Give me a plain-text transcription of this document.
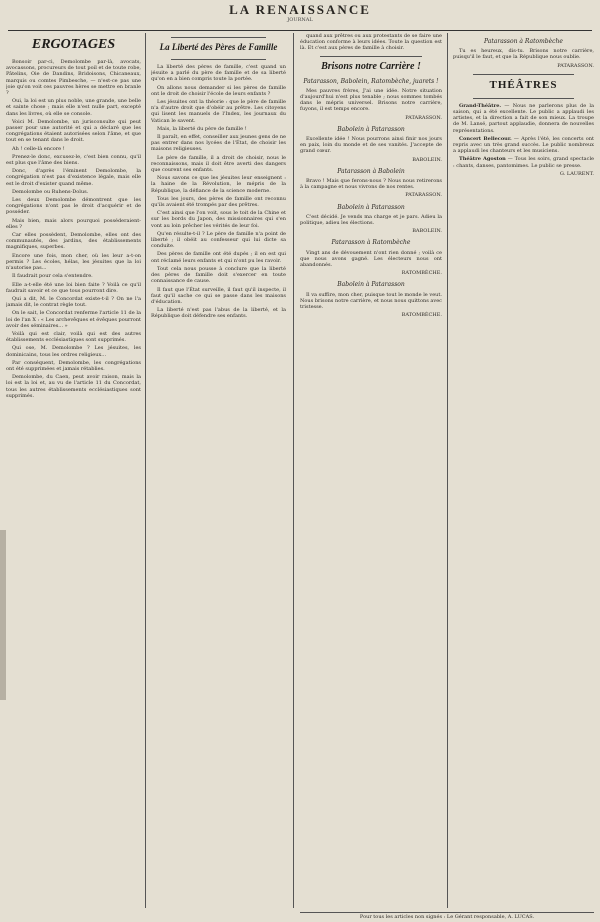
LA RENAISSANCE
JOURNAL
ERGOTAGES

Bonsoir par-ci, Demolombe par-là, avocats, avocassons, procureurs de tout poil et de toute robe, Pâtelins, Oie de Dandins, Bridoisons, Chicaneaux, marquis ou comtes Pimbesche, — n'est-ce pas une joie qu'on voit ces pauvres hères se mettre en branle ?

Oui, la loi est un plus noble, une grande, une belle et sainte chose ; mais elle n'est nulle part, excepté dans les livres, où elle se console.

Voici M. Demolombe, un jurisconsulte qui peut passer pour une autorité et qui a déclaré que les congrégations étaient autorisées selon l'âme, et que tout en se tenant dans le droit.

Ah ! celle-là encore !

Prenez-le donc, excusez-le, c'est bien connu, qu'il est plus que l'âme des biens.

Donc, d'après l'éminent Demolombe, la congrégation n'est pas d'existence légale, mais elle est le droit d'exister quand même.

Demolombe ou Ruhens-Dolus.

Les deux Demolombe démontrent que les congrégations n'ont pas le droit d'acquérir et de posséder.

Mais bien, mais alors pourquoi posséderaient-elles ?

Car elles possèdent, Demolombe, elles ont des communautés, des jardins, des établissements magnifiques, superbes.

Encore une fois, mon cher, où les leur a-t-on permis ? Les écoles, hélas, les jésuites que la loi n'autorise pas...

Il faudrait pour cela s'entendre.

Elle a-t-elle été une loi bien faite ? Voilà ce qu'il faudrait savoir et ce que tous pourront dire.

Qui a dit, M. le Concordat existe-t-il ? On ne l'a jamais dit, le contrat règle tout.

On le sait, le Concordat renferme l'article 11 de la loi de l'an X : « Les archevêques et évêques pourront avoir des séminaires... »

Voilà qui est clair, voilà qui est des autres établissements ecclésiastiques sont supprimés.

Qui ose, M. Demolombe ? Les jésuites, les dominicains, tous les ordres religieux...

Par conséquent, Demolombe, les congrégations ont été supprimées et jamais rétablies.

Demolombe, du Caen, peut avoir raison, mais la loi est la loi et, au vu de l'article 11 du Concordat, tous les autres établissements ecclésiastiques sont supprimés.

La Liberté des Pères de Famille

La liberté des pères de famille, c'est quand un jésuite a parlé du père de famille et de sa liberté qu'on en a bien compris toute la portée.

On allons nous demander si les pères de famille ont le droit de choisir l'école de leurs enfants ?

Les jésuites ont la théorie : que le père de famille n'a d'autre droit que d'obéir au prêtre. Les citoyens qui lisent les manuels de l'Index, les journaux du Vatican le savent.

Mais, la liberté du père de famille !

Il paraît, en effet, conseiller aux jeunes gens de ne pas entrer dans nos lycées de l'État, de choisir les maisons religieuses.

Le père de famille, il a droit de choisir, nous le reconnaissons, mais il doit être averti des dangers que courent ses enfants.

Nous savons ce que les jésuites leur enseignent : la haine de la Révolution, le mépris de la République, la défiance de la science moderne.

Tous les jours, des pères de famille ont reconnu qu'ils avaient été trompés par des prêtres.

C'est ainsi que l'on voit, sous le toit de la Chine et sur les bords du Japon, des missionnaires qui s'en vont au loin prêcher les vérités de leur foi.

Qu'en résulte-t-il ? Le père de famille n'a point de liberté ; il obéit au confesseur qui lui dicte sa conduite.

Des pères de famille ont été dupés ; il en est qui ont réclamé leurs enfants et qui n'ont pu les ravoir.

Tout cela nous pousse à conclure que la liberté des pères de famille doit s'exercer en toute connaissance de cause.

Il faut que l'État surveille, il faut qu'il inspecte, il faut qu'il sache ce qui se passe dans les maisons d'éducation.

La liberté n'est pas l'abus de la liberté, et la République doit défendre ses enfants.

quand aux prêtres ou aux protestants de se faire une éducation conforme à leurs idées. Toute la question est là. Et c'est aux pères de famille à choisir.

Brisons notre Carrière !
Patarasson, Babolein, Ratombèche, juarets !

Mes pauvres frères, J'ai une idée. Notre situation d'aujourd'hui n'est plus tenable ; nous sommes tombés dans le mépris universel. Brisons notre carrière, fuyons, il est temps encore.

PATARASSON.
Babolein à Patarasson

Excellente idée ! Nous pourrons ainsi finir nos jours en paix, loin du monde et de ses vanités. J'accepte de grand cœur.

BABOLEIN.
Patarasson à Babolein

Bravo ! Mais que ferons-nous ? Nous nous retirerons à la campagne et nous vivrons de nos rentes.

PATARASSON.
Babolein à Patarasson

C'est décidé. Je vends ma charge et je pars. Adieu la politique, adieu les élections.

BABOLEIN.
Patarasson à Ratombèche

Vingt ans de dévouement n'ont rien donné ; voilà ce que nous avons gagné. Les électeurs nous ont abandonnés.

RATOMBÈCHE.
Babolein à Patarasson

Il va suffire, mon cher, puisque tout le monde le veut. Nous brisons notre carrière, et nous nous quittons avec tristesse.

BATOMBÈCHE.
Patarasson à Ratombèche

Tu es heureux, dis-tu. Brisons notre carrière, puisqu'il le faut, et que la République nous oublie.

PATARASSON.
THÉÂTRES

Grand-Théâtre. — Nous ne parlerons plus de la saison, qui a été excellente. Le public a applaudi les artistes, et la direction a fait de son mieux. La troupe de M. Lansé, partout applaudie, donnera de nouvelles représentations.

Concert Bellecour. — Après l'été, les concerts ont repris avec un très grand succès. Le public nombreux a applaudi les chanteurs et les musiciens.

Théâtre Agoston — Tous les soirs, grand spectacle : chants, danses, pantomimes. Le public se presse.

G. LAURENT.
Pour tous les articles non signés : Le Gérant responsable, A. LUCAS.
